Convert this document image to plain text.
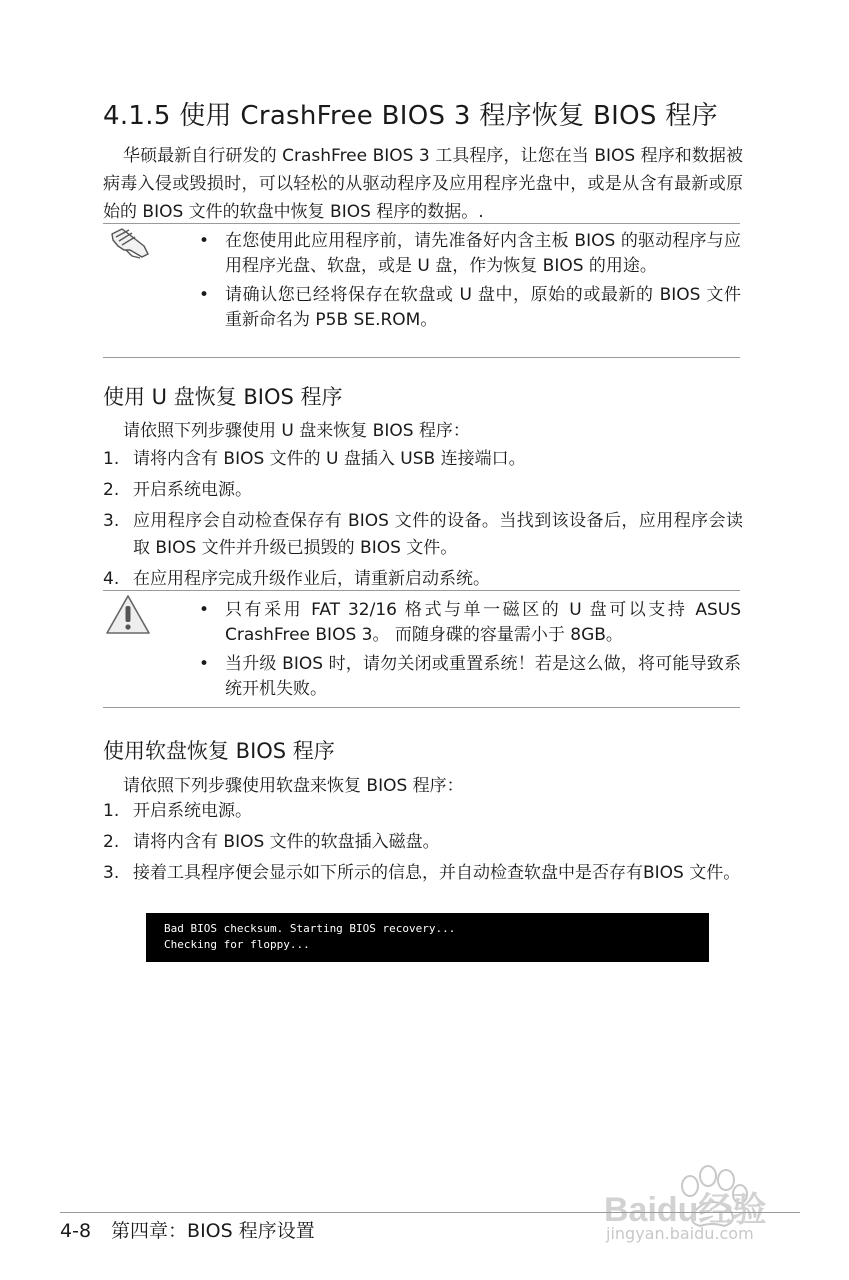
4.1.5 使用 CrashFree BIOS 3 程序恢复 BIOS 程序
华硕最新自行研发的 CrashFree BIOS 3 工具程序，让您在当 BIOS 程序和数据被病毒入侵或毁损时，可以轻松的从驱动程序及应用程序光盘中，或是从含有最新或原始的 BIOS 文件的软盘中恢复 BIOS 程序的数据。.
• 在您使用此应用程序前，请先准备好内含主板 BIOS 的驱动程序与应用程序光盘、软盘，或是 U 盘，作为恢复 BIOS 的用途。
• 请确认您已经将保存在软盘或 U 盘中，原始的或最新的 BIOS 文件重新命名为 P5B SE.ROM。
使用 U 盘恢复 BIOS 程序
请依照下列步骤使用 U 盘来恢复 BIOS 程序：
1. 请将内含有 BIOS 文件的 U 盘插入 USB 连接端口。
2. 开启系统电源。
3. 应用程序会自动检查保存有 BIOS 文件的设备。当找到该设备后，应用程序会读取 BIOS 文件并升级已损毁的 BIOS 文件。
4. 在应用程序完成升级作业后，请重新启动系统。
• 只有采用 FAT 32/16 格式与单一磁区的 U 盘可以支持 ASUS CrashFree BIOS 3。 而随身碟的容量需小于 8GB。
• 当升级 BIOS 时，请勿关闭或重置系统！若是这么做，将可能导致系统开机失败。
使用软盘恢复 BIOS 程序
请依照下列步骤使用软盘来恢复 BIOS 程序：
1. 开启系统电源。
2. 请将内含有 BIOS 文件的软盘插入磁盘。
3. 接着工具程序便会显示如下所示的信息，并自动检查软盘中是否存有BIOS 文件。
Bad BIOS checksum. Starting BIOS recovery...
Checking for floppy...
Baidu经验
jingyan.baidu.com
4-8 第四章：BIOS 程序设置
